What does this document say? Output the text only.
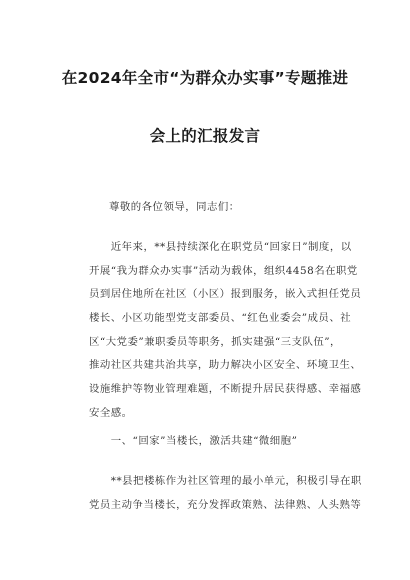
在2024年全市“为群众办实事”专题推进
会上的汇报发言
尊敬的各位领导，同志们：
　　近年来，**县持续深化在职党员“回家日”制度，以
开展“我为群众办实事”活动为载体，组织4458名在职党
员到居住地所在社区（小区）报到服务，嵌入式担任党员
楼长、小区功能型党支部委员、“红色业委会”成员、社
区“大党委”兼职委员等职务，抓实建强“三支队伍”，
推动社区共建共治共享，助力解决小区安全、环境卫生、
设施维护等物业管理难题，不断提升居民获得感、幸福感
安全感。
　　一、“回家”当楼长，激活共建“微细胞”
　　**县把楼栋作为社区管理的最小单元，积极引导在职
党员主动争当楼长，充分发挥政策熟、法律熟、人头熟等
